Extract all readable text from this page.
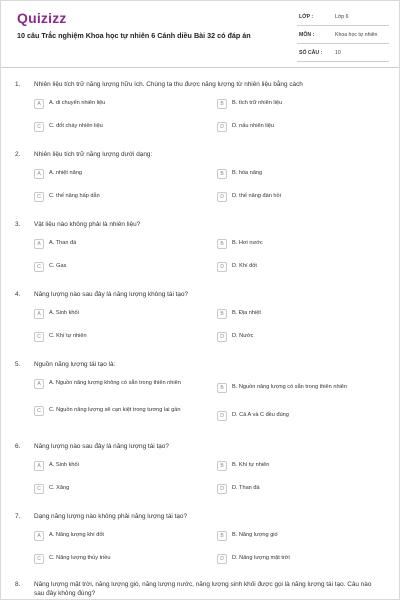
Quizizz
10 câu Trắc nghiệm Khoa học tự nhiên 6 Cánh diều Bài 32 có đáp án
LỚP :	Lớp 6
MÔN :	Khoa học tự nhiên
SỐ CÂU : 10
1. Nhiên liệu tích trữ năng lượng hữu ích. Chúng ta thu được năng lượng từ nhiên liệu bằng cách
A	A. di chuyển nhiên liệu	B	B. tích trữ nhiên liệu
C	C. đốt cháy nhiên liệu	D	D. nấu nhiên liệu
2. Nhiên liệu tích trữ năng lượng dưới dạng:
A	A. nhiệt năng	B	B. hóa năng
C	C. thế năng hấp dẫn	D	D. thế năng đàn hồi
3. Vật liệu nào không phải là nhiên liệu?
A	A. Than đá	B	B. Hơi nước
C	C. Gas	D	D. Khí đốt
4. Năng lượng nào sau đây là năng lượng không tái tạo?
A	A. Sinh khối	B	B. Địa nhiệt
C	C. Khí tự nhiên	D	D. Nước
5. Nguồn năng lượng tái tạo là:
A	A. Nguồn năng lượng không có sẵn trong thiên nhiên
B	B. Nguồn năng lượng có sẵn trong thiên nhiên
C	C. Nguồn năng lượng sẽ cạn kiệt trong tương lai gần
D	D. Cả A và C đều đúng
6. Năng lượng nào sau đây là năng lượng tái tạo?
A	A. Sinh khối	B	B. Khí tự nhiên
C	C. Xăng	D	D. Than đá
7. Dạng năng lượng nào không phải năng lượng tái tạo?
A	A. Năng lượng khí đốt	B	B. Năng lượng gió
C	C. Năng lượng thủy triều	D	D. Năng lượng mặt trời
8. Năng lượng mặt trời, năng lượng gió, năng lượng nước, năng lượng sinh khối được gọi là năng lượng tái tạo. Câu nào sau đây không đúng?
